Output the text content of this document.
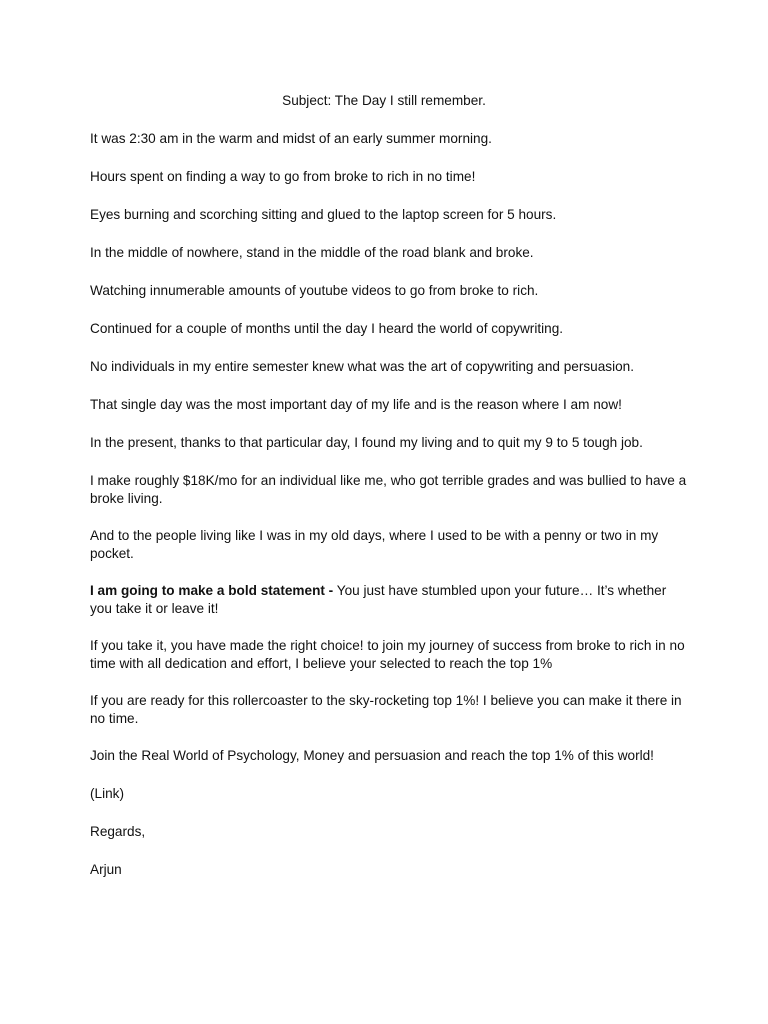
Subject: The Day I still remember.

It was 2:30 am in the warm and midst of an early summer morning.

Hours spent on finding a way to go from broke to rich in no time!

Eyes burning and scorching sitting and glued to the laptop screen for 5 hours.

In the middle of nowhere, stand in the middle of the road blank and broke.

Watching innumerable amounts of youtube videos to go from broke to rich.

Continued for a couple of months until the day I heard the world of copywriting.

No individuals in my entire semester knew what was the art of copywriting and persuasion.

That single day was the most important day of my life and is the reason where I am now!

In the present, thanks to that particular day, I found my living and to quit my 9 to 5 tough job.

I make roughly $18K/mo for an individual like me, who got terrible grades and was bullied to have a broke living.

And to the people living like I was in my old days, where I used to be with a penny or two in my pocket.

I am going to make a bold statement - You just have stumbled upon your future… It’s whether you take it or leave it!

If you take it, you have made the right choice! to join my journey of success from broke to rich in no time with all dedication and effort, I believe your selected to reach the top 1%

If you are ready for this rollercoaster to the sky-rocketing top 1%! I believe you can make it there in no time.

Join the Real World of Psychology, Money and persuasion and reach the top 1% of this world!

(Link)

Regards,

Arjun
